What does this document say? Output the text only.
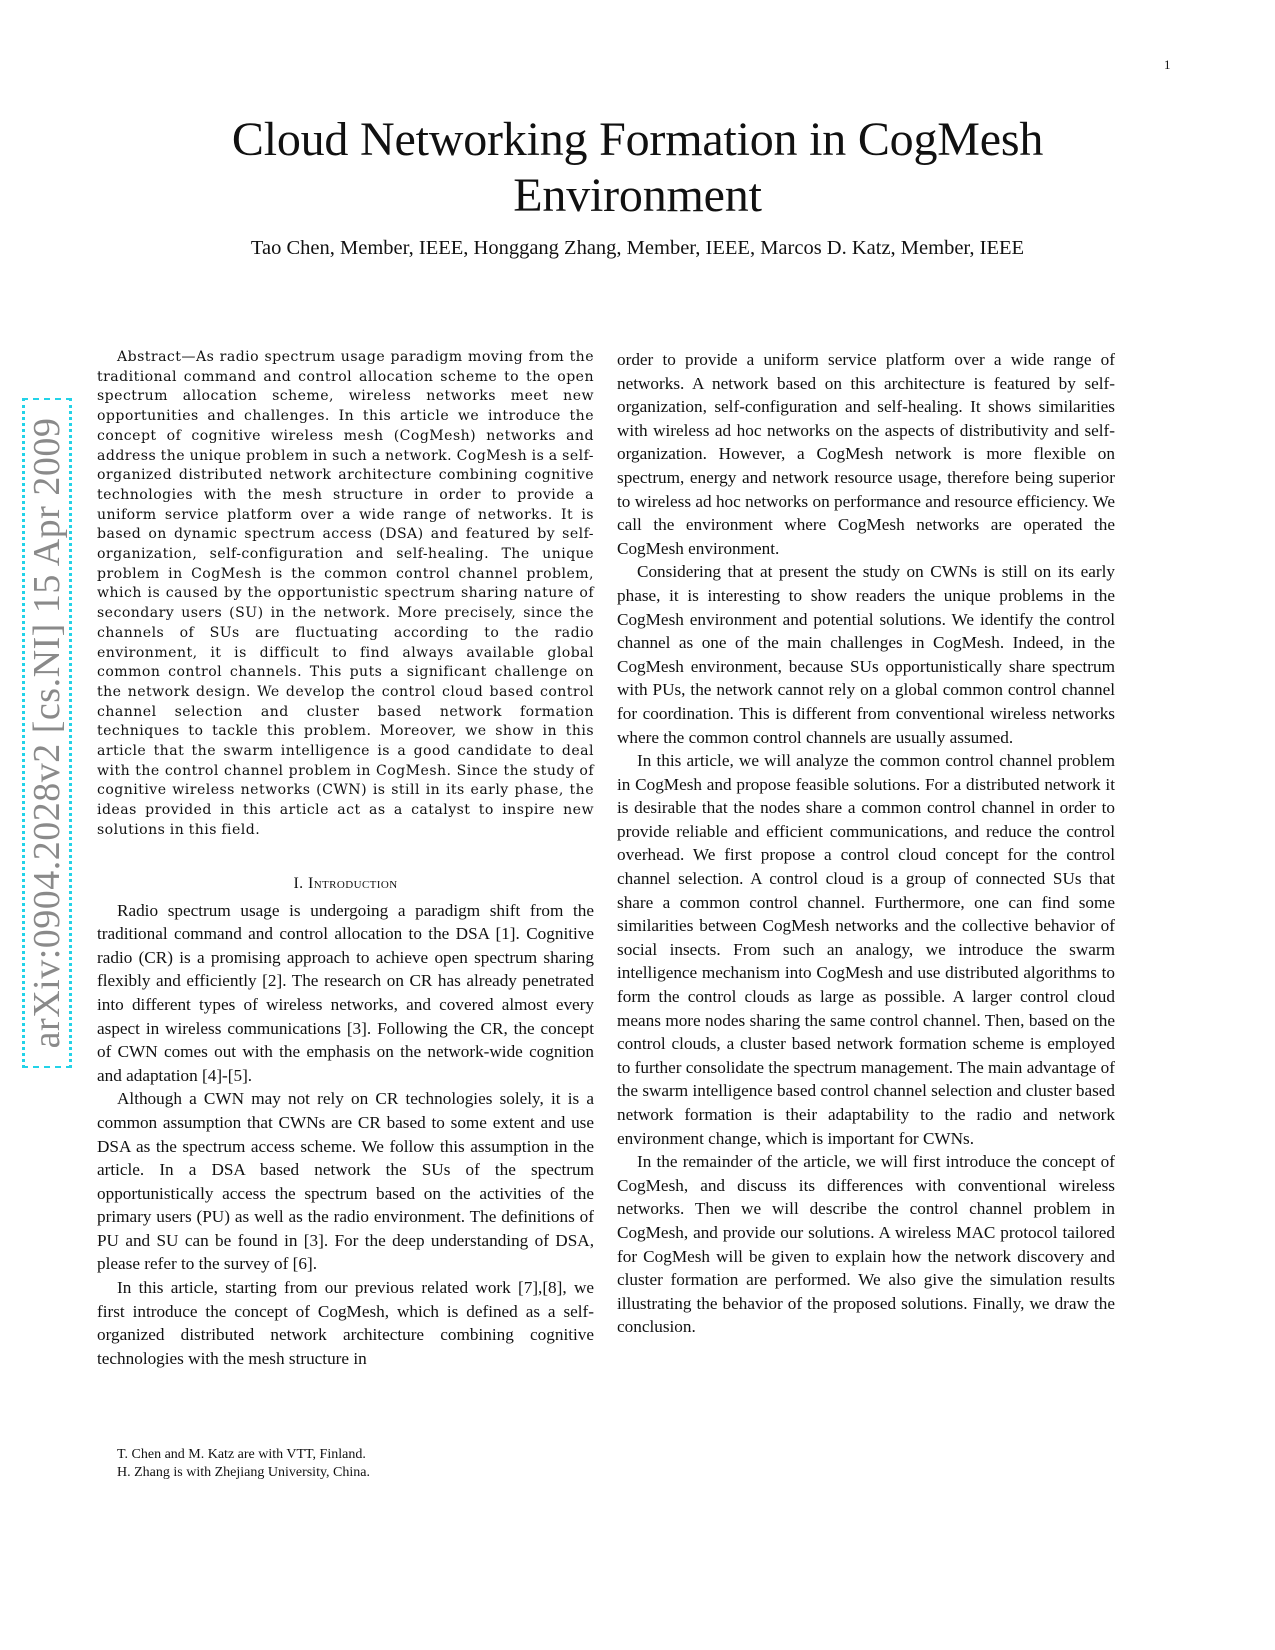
1
Cloud Networking Formation in CogMesh
Environment
Tao Chen, Member, IEEE, Honggang Zhang, Member, IEEE, Marcos D. Katz, Member, IEEE
arXiv:0904.2028v2 [cs.NI] 15 Apr 2009

Abstract—As radio spectrum usage paradigm moving from the traditional command and control allocation scheme to the open spectrum allocation scheme, wireless networks meet new opportunities and challenges. In this article we introduce the concept of cognitive wireless mesh (CogMesh) networks and address the unique problem in such a network. CogMesh is a self-organized distributed network architecture combining cognitive technologies with the mesh structure in order to provide a uniform service platform over a wide range of networks. It is based on dynamic spectrum access (DSA) and featured by self-organization, self-configuration and self-healing. The unique problem in CogMesh is the common control channel problem, which is caused by the opportunistic spectrum sharing nature of secondary users (SU) in the network. More precisely, since the channels of SUs are fluctuating according to the radio environment, it is difficult to find always available global common control channels. This puts a significant challenge on the network design. We develop the control cloud based control channel selection and cluster based network formation techniques to tackle this problem. Moreover, we show in this article that the swarm intelligence is a good candidate to deal with the control channel problem in CogMesh. Since the study of cognitive wireless networks (CWN) is still in its early phase, the ideas provided in this article act as a catalyst to inspire new solutions in this field.

I. Introduction

Radio spectrum usage is undergoing a paradigm shift from the traditional command and control allocation to the DSA [1]. Cognitive radio (CR) is a promising approach to achieve open spectrum sharing flexibly and efficiently [2]. The research on CR has already penetrated into different types of wireless networks, and covered almost every aspect in wireless communications [3]. Following the CR, the concept of CWN comes out with the emphasis on the network-wide cognition and adaptation [4]-[5].

Although a CWN may not rely on CR technologies solely, it is a common assumption that CWNs are CR based to some extent and use DSA as the spectrum access scheme. We follow this assumption in the article. In a DSA based network the SUs of the spectrum opportunistically access the spectrum based on the activities of the primary users (PU) as well as the radio environment. The definitions of PU and SU can be found in [3]. For the deep understanding of DSA, please refer to the survey of [6].

In this article, starting from our previous related work [7],[8], we first introduce the concept of CogMesh, which is defined as a self-organized distributed network architecture combining cognitive technologies with the mesh structure in

order to provide a uniform service platform over a wide range of networks. A network based on this architecture is featured by self-organization, self-configuration and self-healing. It shows similarities with wireless ad hoc networks on the aspects of distributivity and self-organization. However, a CogMesh network is more flexible on spectrum, energy and network resource usage, therefore being superior to wireless ad hoc networks on performance and resource efficiency. We call the environment where CogMesh networks are operated the CogMesh environment.

Considering that at present the study on CWNs is still on its early phase, it is interesting to show readers the unique problems in the CogMesh environment and potential solutions. We identify the control channel as one of the main challenges in CogMesh. Indeed, in the CogMesh environment, because SUs opportunistically share spectrum with PUs, the network cannot rely on a global common control channel for coordination. This is different from conventional wireless networks where the common control channels are usually assumed.

In this article, we will analyze the common control channel problem in CogMesh and propose feasible solutions. For a distributed network it is desirable that the nodes share a common control channel in order to provide reliable and efficient communications, and reduce the control overhead. We first propose a control cloud concept for the control channel selection. A control cloud is a group of connected SUs that share a common control channel. Furthermore, one can find some similarities between CogMesh networks and the collective behavior of social insects. From such an analogy, we introduce the swarm intelligence mechanism into CogMesh and use distributed algorithms to form the control clouds as large as possible. A larger control cloud means more nodes sharing the same control channel. Then, based on the control clouds, a cluster based network formation scheme is employed to further consolidate the spectrum management. The main advantage of the swarm intelligence based control channel selection and cluster based network formation is their adaptability to the radio and network environment change, which is important for CWNs.

In the remainder of the article, we will first introduce the concept of CogMesh, and discuss its differences with conventional wireless networks. Then we will describe the control channel problem in CogMesh, and provide our solutions. A wireless MAC protocol tailored for CogMesh will be given to explain how the network discovery and cluster formation are performed. We also give the simulation results illustrating the behavior of the proposed solutions. Finally, we draw the conclusion.

T. Chen and M. Katz are with VTT, Finland.
H. Zhang is with Zhejiang University, China.
